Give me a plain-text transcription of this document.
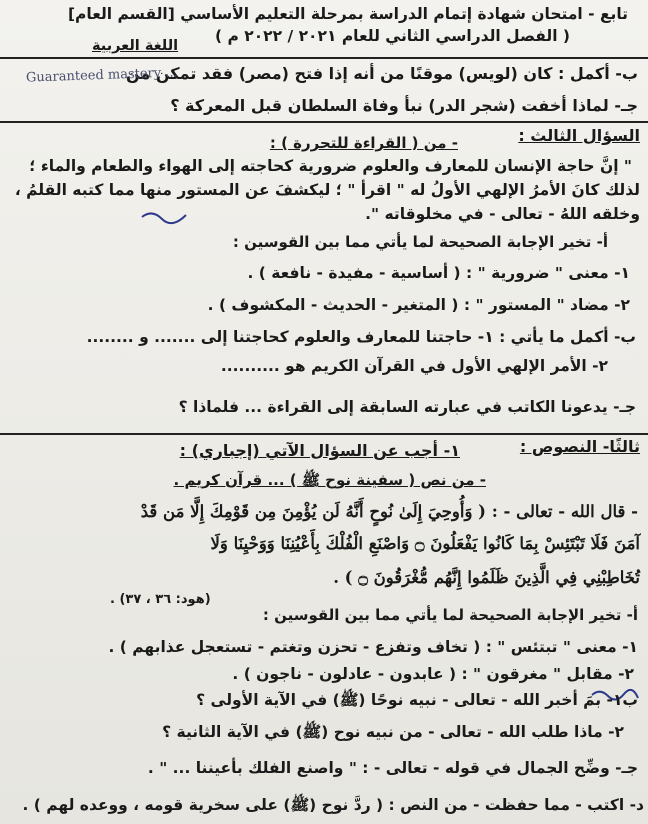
تابع - امتحان شهادة إتمام الدراسة بمرحلة التعليم الأساسي [القسم العام]
( الفصل الدراسي الثاني للعام ٢٠٢١ / ٢٠٢٢ م )
اللغة العربية
ب- أكمل : كان (لويس) موقنًا من أنه إذا فتح (مصر) فقد تمكن من
Guaranteed mastery ...
جـ- لماذا أخفت (شجر الدر) نبأ وفاة السلطان قبل المعركة ؟
السؤال الثالث :
- من ( القراءة للتحررة ) :
" إنَّ حاجة الإنسان للمعارف والعلوم ضرورية كحاجته إلى الهواء والطعام والماء ؛
لذلك كانَ الأمرُ الإلهي الأولُ له " اقرأ " ؛ ليكشفَ عن المستور منها مما كتبه القلمُ ،
وخلقه اللهُ - تعالى - في مخلوقاته ".
أ- تخير الإجابة الصحيحة لما يأتي مما بين القوسين :
١- معنى " ضرورية " : ( أساسية - مفيدة - نافعة ) .
٢- مضاد " المستور " : ( المتغير - الحديث - المكشوف ) .
ب- أكمل ما يأتي : ١- حاجتنا للمعارف والعلوم كحاجتنا إلى ....... و ........
٢- الأمر الإلهي الأول في القرآن الكريم هو ..........
جـ- يدعونا الكاتب في عبارته السابقة إلى القراءة ... فلماذا ؟
ثالثًا- النصوص :
١- أجب عن السؤال الآتي (إجباري) :
- من نص ( سفينة نوح ﷺ ) ... قرآن كريم .
- قال الله - تعالى - : ( وَأُوحِيَ إِلَىٰ نُوحٍ أَنَّهُ لَن يُؤْمِنَ مِن قَوْمِكَ إِلَّا مَن قَدْ
آمَنَ فَلَا تَبْتَئِسْ بِمَا كَانُوا يَفْعَلُونَ ۝ وَاصْنَعِ الْفُلْكَ بِأَعْيُنِنَا وَوَحْيِنَا وَلَا
تُخَاطِبْنِي فِي الَّذِينَ ظَلَمُوا إِنَّهُم مُّغْرَقُونَ ۝ ) .
(هود: ٣٦ ، ٣٧) .
أ- تخير الإجابة الصحيحة لما يأتي مما بين القوسين :
١- معنى " تبتئس " : ( تخاف وتفزع - تحزن وتغتم - تستعجل عذابهم ) .
٢- مقابل " مغرقون " : ( عابدون - عادلون - ناجون ) .
ب١- بمَ أخبر الله - تعالى - نبيه نوحًا (ﷺ) في الآية الأولى ؟
٢- ماذا طلب الله - تعالى - من نبيه نوح (ﷺ) في الآية الثانية ؟
جـ- وضِّح الجمال في قوله - تعالى - : " واصنع الفلك بأعيننا ... " .
د- اكتب - مما حفظت - من النص : ( ردَّ نوح (ﷺ) على سخرية قومه ، ووعده لهم ) .
